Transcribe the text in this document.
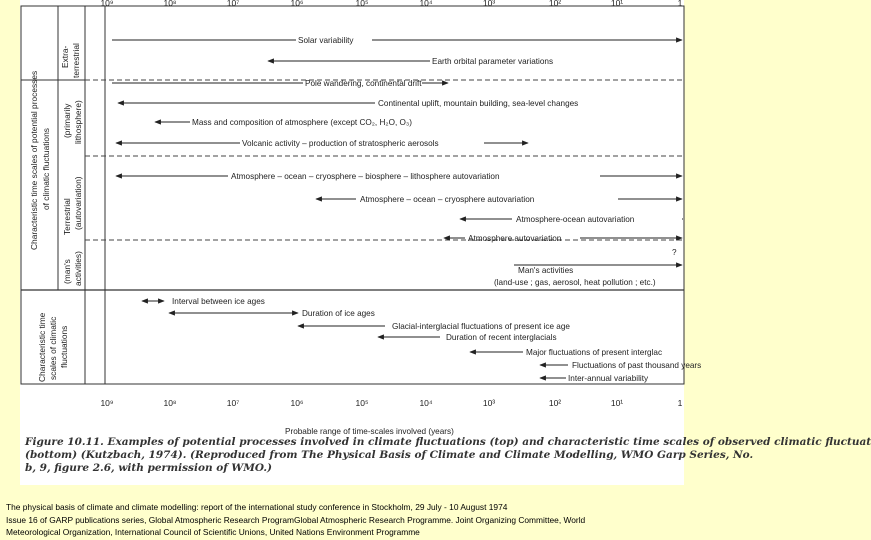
10⁹	10⁸	10⁷	10⁶	10⁵	10⁴	10³	10²	10¹	1
10⁹	10⁸	10⁷	10⁶	10⁵	10⁴	10³	10²	10¹	1
Probable range of time-scales involved (years)
Characteristic time scales of potential processes of climatic fluctuations
Extra- terrestrial
Terrestrial
(primarily lithosphere)
(autovariation)
(man's activities)
Characteristic time scales of climatic fluctuations
Solar variability
Earth orbital parameter variations
Pole wandering, continental drift
Continental uplift, mountain building, sea-level changes
Mass and composition of atmosphere (except CO₂, H₂O, O₃)
Volcanic activity – production of stratospheric aerosols
Atmosphere – ocean – cryosphere – biosphere – lithosphere autovariation
Atmosphere – ocean – cryosphere autovariation
Atmosphere-ocean autovariation
Atmosphere autovariation
?
Man's activities
(land-use ; gas, aerosol, heat pollution ; etc.)
Interval between ice ages
Duration of ice ages
Glacial-interglacial fluctuations of present ice age
Duration of recent interglacials
Major fluctuations of present interglac
Fluctuations of past thousand years
Inter-annual variability
Figure 10.11. Examples of potential processes involved in climate fluctuations (top) and characteristic time scales of observed climatic fluctuat
(bottom) (Kutzbach, 1974). (Reproduced from The Physical Basis of Climate and Climate Modelling, WMO Garp Series, No.
b, 9, figure 2.6, with permission of WMO.)
The physical basis of climate and climate modelling: report of the international study conference in Stockholm, 29 July - 10 August 1974
Issue 16 of GARP publications series, Global Atmospheric Research ProgramGlobal Atmospheric Research Programme. Joint Organizing Committee, World
Meteorological Organization, International Council of Scientific Unions, United Nations Environment Programme
